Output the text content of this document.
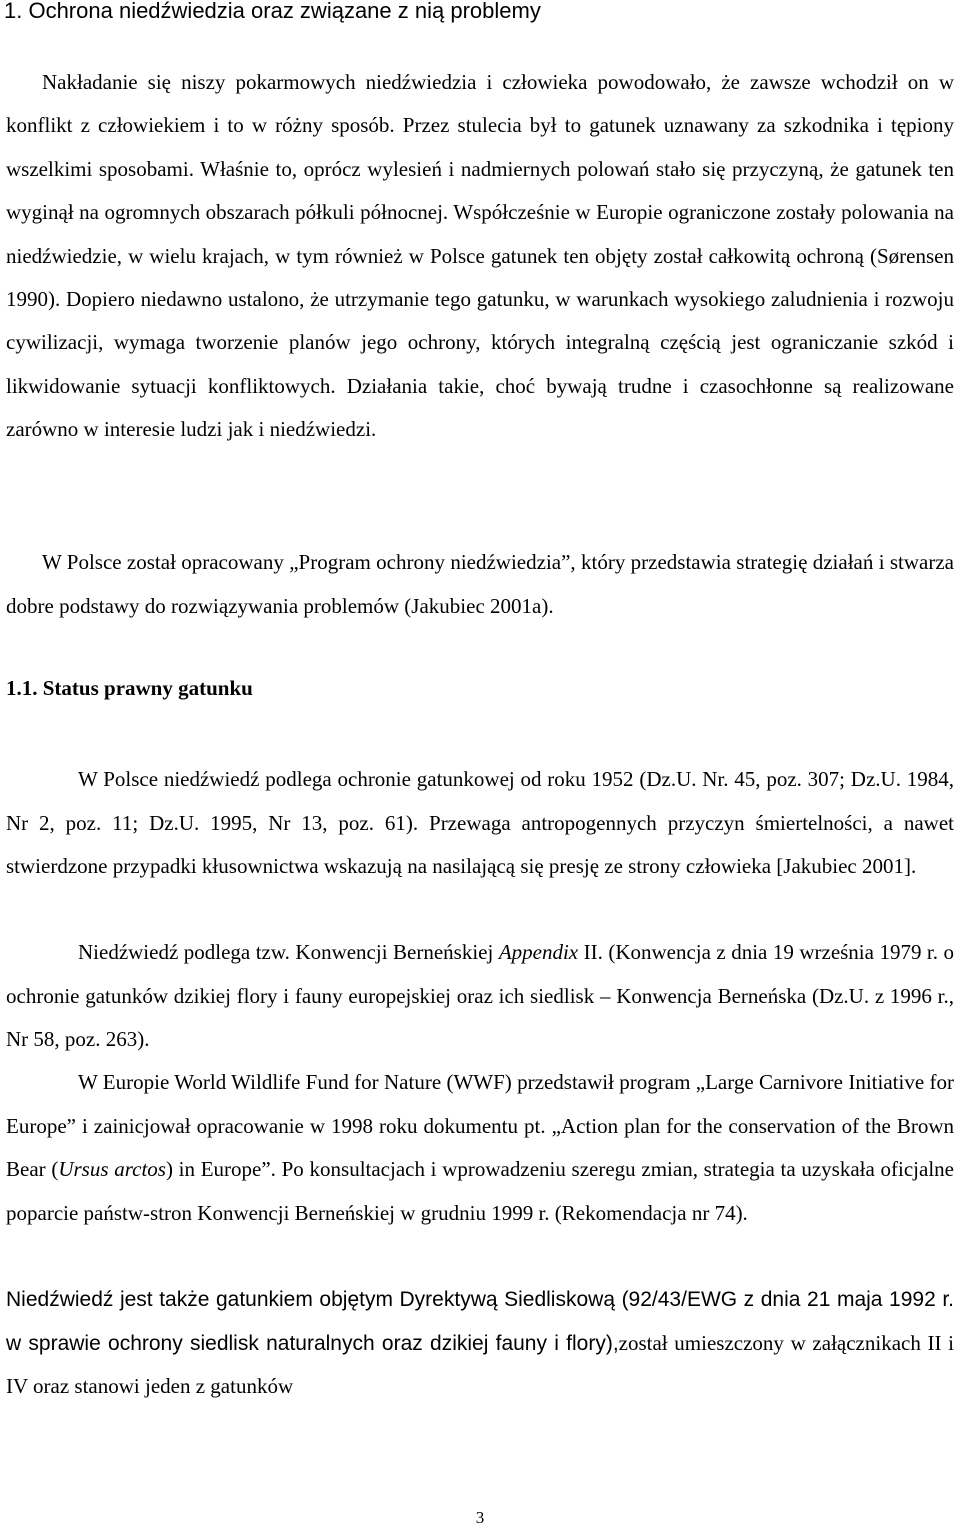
1. Ochrona niedźwiedzia oraz związane z nią problemy

Nakładanie się niszy pokarmowych niedźwiedzia i człowieka powodowało, że zawsze wchodził on w konflikt z człowiekiem i to w różny sposób. Przez stulecia był to gatunek uznawany za szkodnika i tępiony wszelkimi sposobami. Właśnie to, oprócz wylesień i nadmiernych polowań stało się przyczyną, że gatunek ten wyginął na ogromnych obszarach półkuli północnej. Współcześnie w Europie ograniczone zostały polowania na niedźwiedzie, w wielu krajach, w tym również w Polsce gatunek ten objęty został całkowitą ochroną (Sørensen 1990). Dopiero niedawno ustalono, że utrzymanie tego gatunku, w warunkach wysokiego zaludnienia i rozwoju cywilizacji, wymaga tworzenie planów jego ochrony, których integralną częścią jest ograniczanie szkód i likwidowanie sytuacji konfliktowych. Działania takie, choć bywają trudne i czasochłonne są realizowane zarówno w interesie ludzi jak i niedźwiedzi.

W Polsce został opracowany „Program ochrony niedźwiedzia”, który przedstawia strategię działań i stwarza dobre podstawy do rozwiązywania problemów (Jakubiec 2001a).

1.1. Status prawny gatunku

W Polsce niedźwiedź podlega ochronie gatunkowej od roku 1952 (Dz.U. Nr. 45, poz. 307; Dz.U. 1984, Nr 2, poz. 11; Dz.U. 1995, Nr 13, poz. 61). Przewaga antropogennych przyczyn śmiertelności, a nawet stwierdzone przypadki kłusownictwa wskazują na nasilającą się presję ze strony człowieka [Jakubiec 2001].

Niedźwiedź podlega tzw. Konwencji Berneńskiej Appendix II. (Konwencja z dnia 19 września 1979 r. o ochronie gatunków dzikiej flory i fauny europejskiej oraz ich siedlisk – Konwencja Berneńska (Dz.U. z 1996 r., Nr 58, poz. 263).

W Europie World Wildlife Fund for Nature (WWF) przedstawił program „Large Carnivore Initiative for Europe” i zainicjował opracowanie w 1998 roku dokumentu pt. „Action plan for the conservation of the Brown Bear (Ursus arctos) in Europe”. Po konsultacjach i wprowadzeniu szeregu zmian, strategia ta uzyskała oficjalne poparcie państw-stron Konwencji Berneńskiej w grudniu 1999 r. (Rekomendacja nr 74).

Niedźwiedź jest także gatunkiem objętym Dyrektywą Siedliskową (92/43/EWG z dnia 21 maja 1992 r. w sprawie ochrony siedlisk naturalnych oraz dzikiej fauny i flory),został umieszczony w załącznikach II i IV oraz stanowi jeden z gatunków

3
